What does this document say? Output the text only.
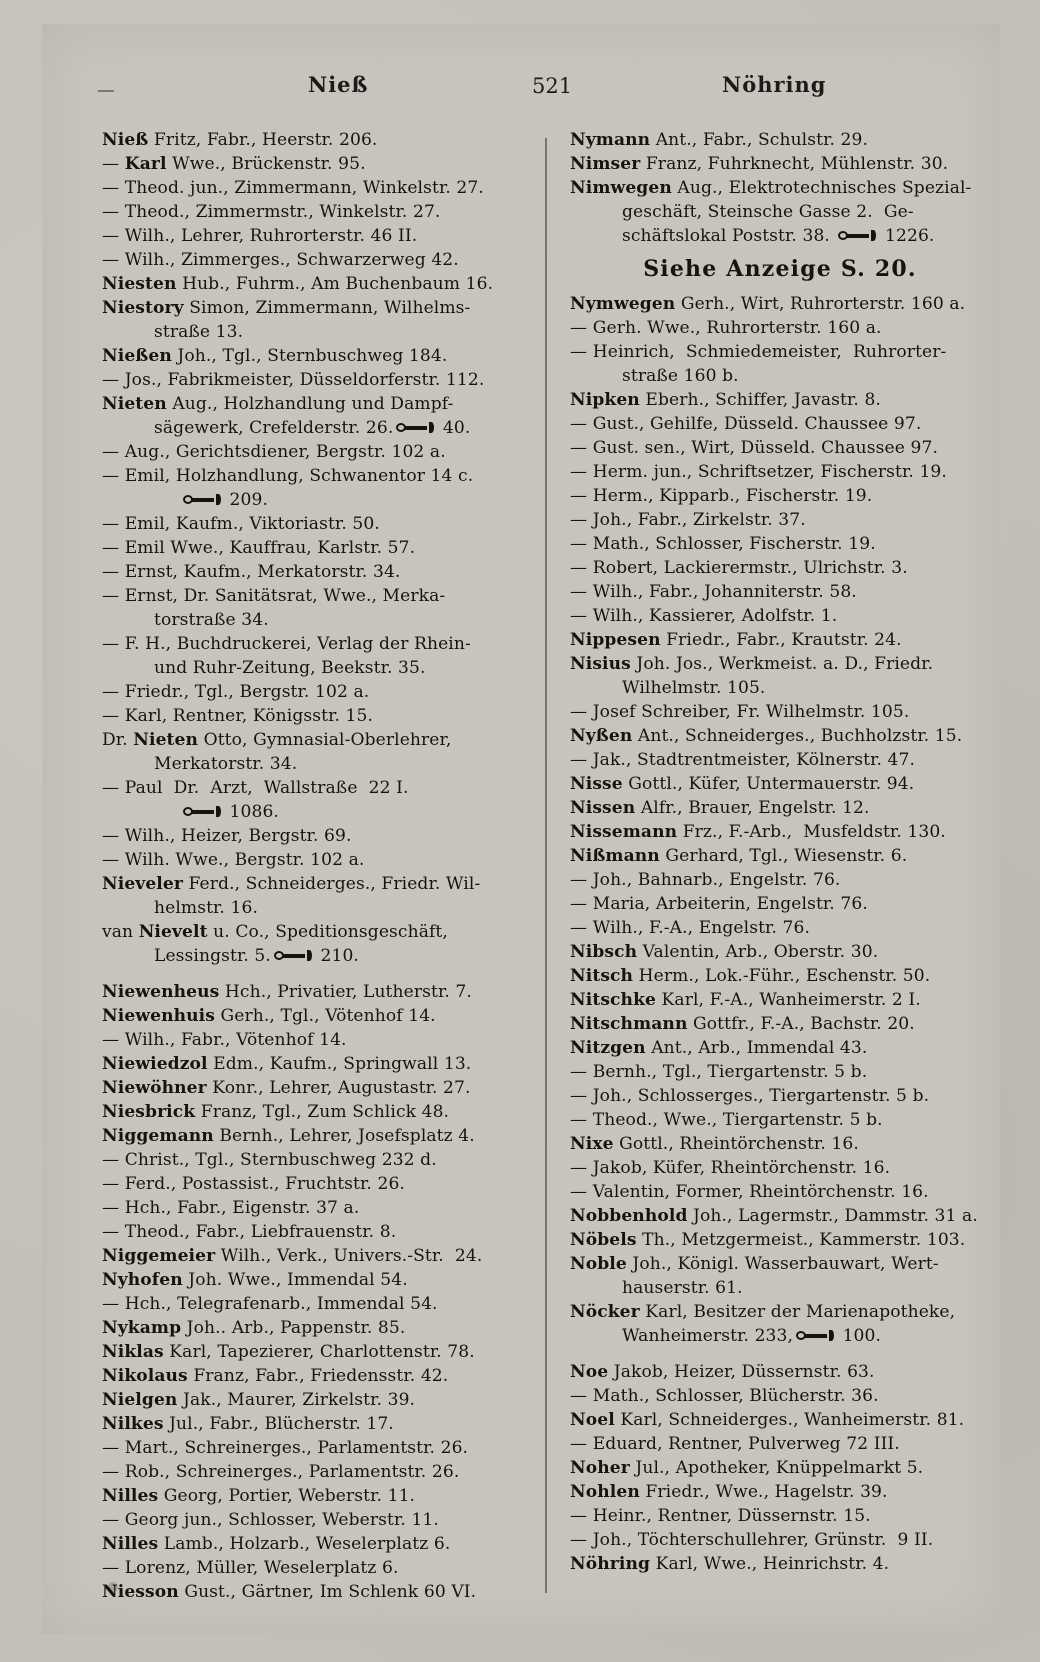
Nieß	521	Nöhring
Nieß Fritz, Fabr., Heerstr. 206.
— Karl Wwe., Brückenstr. 95.
— Theod. jun., Zimmermann, Winkelstr. 27.
— Theod., Zimmermstr., Winkelstr. 27.
— Wilh., Lehrer, Ruhrorterstr. 46 II.
— Wilh., Zimmerges., Schwarzerweg 42.
Niesten Hub., Fuhrm., Am Buchenbaum 16.
Niestory Simon, Zimmermann, Wilhelms-
straße 13.
Nießen Joh., Tgl., Sternbuschweg 184.
— Jos., Fabrikmeister, Düsseldorferstr. 112.
Nieten Aug., Holzhandlung und Dampf-
sägewerk, Crefelderstr. 26.	40.
— Aug., Gerichtsdiener, Bergstr. 102 a.
— Emil, Holzhandlung, Schwanentor 14 c.
209.
— Emil, Kaufm., Viktoriastr. 50.
— Emil Wwe., Kauffrau, Karlstr. 57.
— Ernst, Kaufm., Merkatorstr. 34.
— Ernst, Dr. Sanitätsrat, Wwe., Merka-
torstraße 34.
— F. H., Buchdruckerei, Verlag der Rhein-
und Ruhr-Zeitung, Beekstr. 35.
— Friedr., Tgl., Bergstr. 102 a.
— Karl, Rentner, Königsstr. 15.
Dr. Nieten Otto, Gymnasial-Oberlehrer,
Merkatorstr. 34.
— Paul  Dr.  Arzt,  Wallstraße  22 I.
1086.
— Wilh., Heizer, Bergstr. 69.
— Wilh. Wwe., Bergstr. 102 a.
Nieveler Ferd., Schneiderges., Friedr. Wil-
helmstr. 16.
van Nievelt u. Co., Speditionsgeschäft,
Lessingstr. 5.	210.
Niewenheus Hch., Privatier, Lutherstr. 7.
Niewenhuis Gerh., Tgl., Vötenhof 14.
— Wilh., Fabr., Vötenhof 14.
Niewiedzol Edm., Kaufm., Springwall 13.
Niewöhner Konr., Lehrer, Augustastr. 27.
Niesbrick Franz, Tgl., Zum Schlick 48.
Niggemann Bernh., Lehrer, Josefsplatz 4.
— Christ., Tgl., Sternbuschweg 232 d.
— Ferd., Postassist., Fruchtstr. 26.
— Hch., Fabr., Eigenstr. 37 a.
— Theod., Fabr., Liebfrauenstr. 8.
Niggemeier Wilh., Verk., Univers.-Str.  24.
Nyhofen Joh. Wwe., Immendal 54.
— Hch., Telegrafenarb., Immendal 54.
Nykamp Joh.. Arb., Pappenstr. 85.
Niklas Karl, Tapezierer, Charlottenstr. 78.
Nikolaus Franz, Fabr., Friedensstr. 42.
Nielgen Jak., Maurer, Zirkelstr. 39.
Nilkes Jul., Fabr., Blücherstr. 17.
— Mart., Schreinerges., Parlamentstr. 26.
— Rob., Schreinerges., Parlamentstr. 26.
Nilles Georg, Portier, Weberstr. 11.
— Georg jun., Schlosser, Weberstr. 11.
Nilles Lamb., Holzarb., Weselerplatz 6.
— Lorenz, Müller, Weselerplatz 6.
Niesson Gust., Gärtner, Im Schlenk 60 VI.
Nymann Ant., Fabr., Schulstr. 29.
Nimser Franz, Fuhrknecht, Mühlenstr. 30.
Nimwegen Aug., Elektrotechnisches Spezial-
geschäft, Steinsche Gasse 2.  Ge-
schäftslokal Poststr. 38.	1226.
Siehe Anzeige S. 20.
Nymwegen Gerh., Wirt, Ruhrorterstr. 160 a.
— Gerh. Wwe., Ruhrorterstr. 160 a.
— Heinrich,  Schmiedemeister,  Ruhrorter-
straße 160 b.
Nipken Eberh., Schiffer, Javastr. 8.
— Gust., Gehilfe, Düsseld. Chaussee 97.
— Gust. sen., Wirt, Düsseld. Chaussee 97.
— Herm. jun., Schriftsetzer, Fischerstr. 19.
— Herm., Kipparb., Fischerstr. 19.
— Joh., Fabr., Zirkelstr. 37.
— Math., Schlosser, Fischerstr. 19.
— Robert, Lackierermstr., Ulrichstr. 3.
— Wilh., Fabr., Johanniterstr. 58.
— Wilh., Kassierer, Adolfstr. 1.
Nippesen Friedr., Fabr., Krautstr. 24.
Nisius Joh. Jos., Werkmeist. a. D., Friedr.
Wilhelmstr. 105.
— Josef Schreiber, Fr. Wilhelmstr. 105.
Nyßen Ant., Schneiderges., Buchholzstr. 15.
— Jak., Stadtrentmeister, Kölnerstr. 47.
Nisse Gottl., Küfer, Untermauerstr. 94.
Nissen Alfr., Brauer, Engelstr. 12.
Nissemann Frz., F.-Arb.,  Musfeldstr. 130.
Nißmann Gerhard, Tgl., Wiesenstr. 6.
— Joh., Bahnarb., Engelstr. 76.
— Maria, Arbeiterin, Engelstr. 76.
— Wilh., F.-A., Engelstr. 76.
Nibsch Valentin, Arb., Oberstr. 30.
Nitsch Herm., Lok.-Führ., Eschenstr. 50.
Nitschke Karl, F.-A., Wanheimerstr. 2 I.
Nitschmann Gottfr., F.-A., Bachstr. 20.
Nitzgen Ant., Arb., Immendal 43.
— Bernh., Tgl., Tiergartenstr. 5 b.
— Joh., Schlosserges., Tiergartenstr. 5 b.
— Theod., Wwe., Tiergartenstr. 5 b.
Nixe Gottl., Rheintörchenstr. 16.
— Jakob, Küfer, Rheintörchenstr. 16.
— Valentin, Former, Rheintörchenstr. 16.
Nobbenhold Joh., Lagermstr., Dammstr. 31 a.
Nöbels Th., Metzgermeist., Kammerstr. 103.
Noble Joh., Königl. Wasserbauwart, Wert-
hauserstr. 61.
Nöcker Karl, Besitzer der Marienapotheke,
Wanheimerstr. 233,	100.
Noe Jakob, Heizer, Düssernstr. 63.
— Math., Schlosser, Blücherstr. 36.
Noel Karl, Schneiderges., Wanheimerstr. 81.
— Eduard, Rentner, Pulverweg 72 III.
Noher Jul., Apotheker, Knüppelmarkt 5.
Nohlen Friedr., Wwe., Hagelstr. 39.
— Heinr., Rentner, Düssernstr. 15.
— Joh., Töchterschullehrer, Grünstr.  9 II.
Nöhring Karl, Wwe., Heinrichstr. 4.
